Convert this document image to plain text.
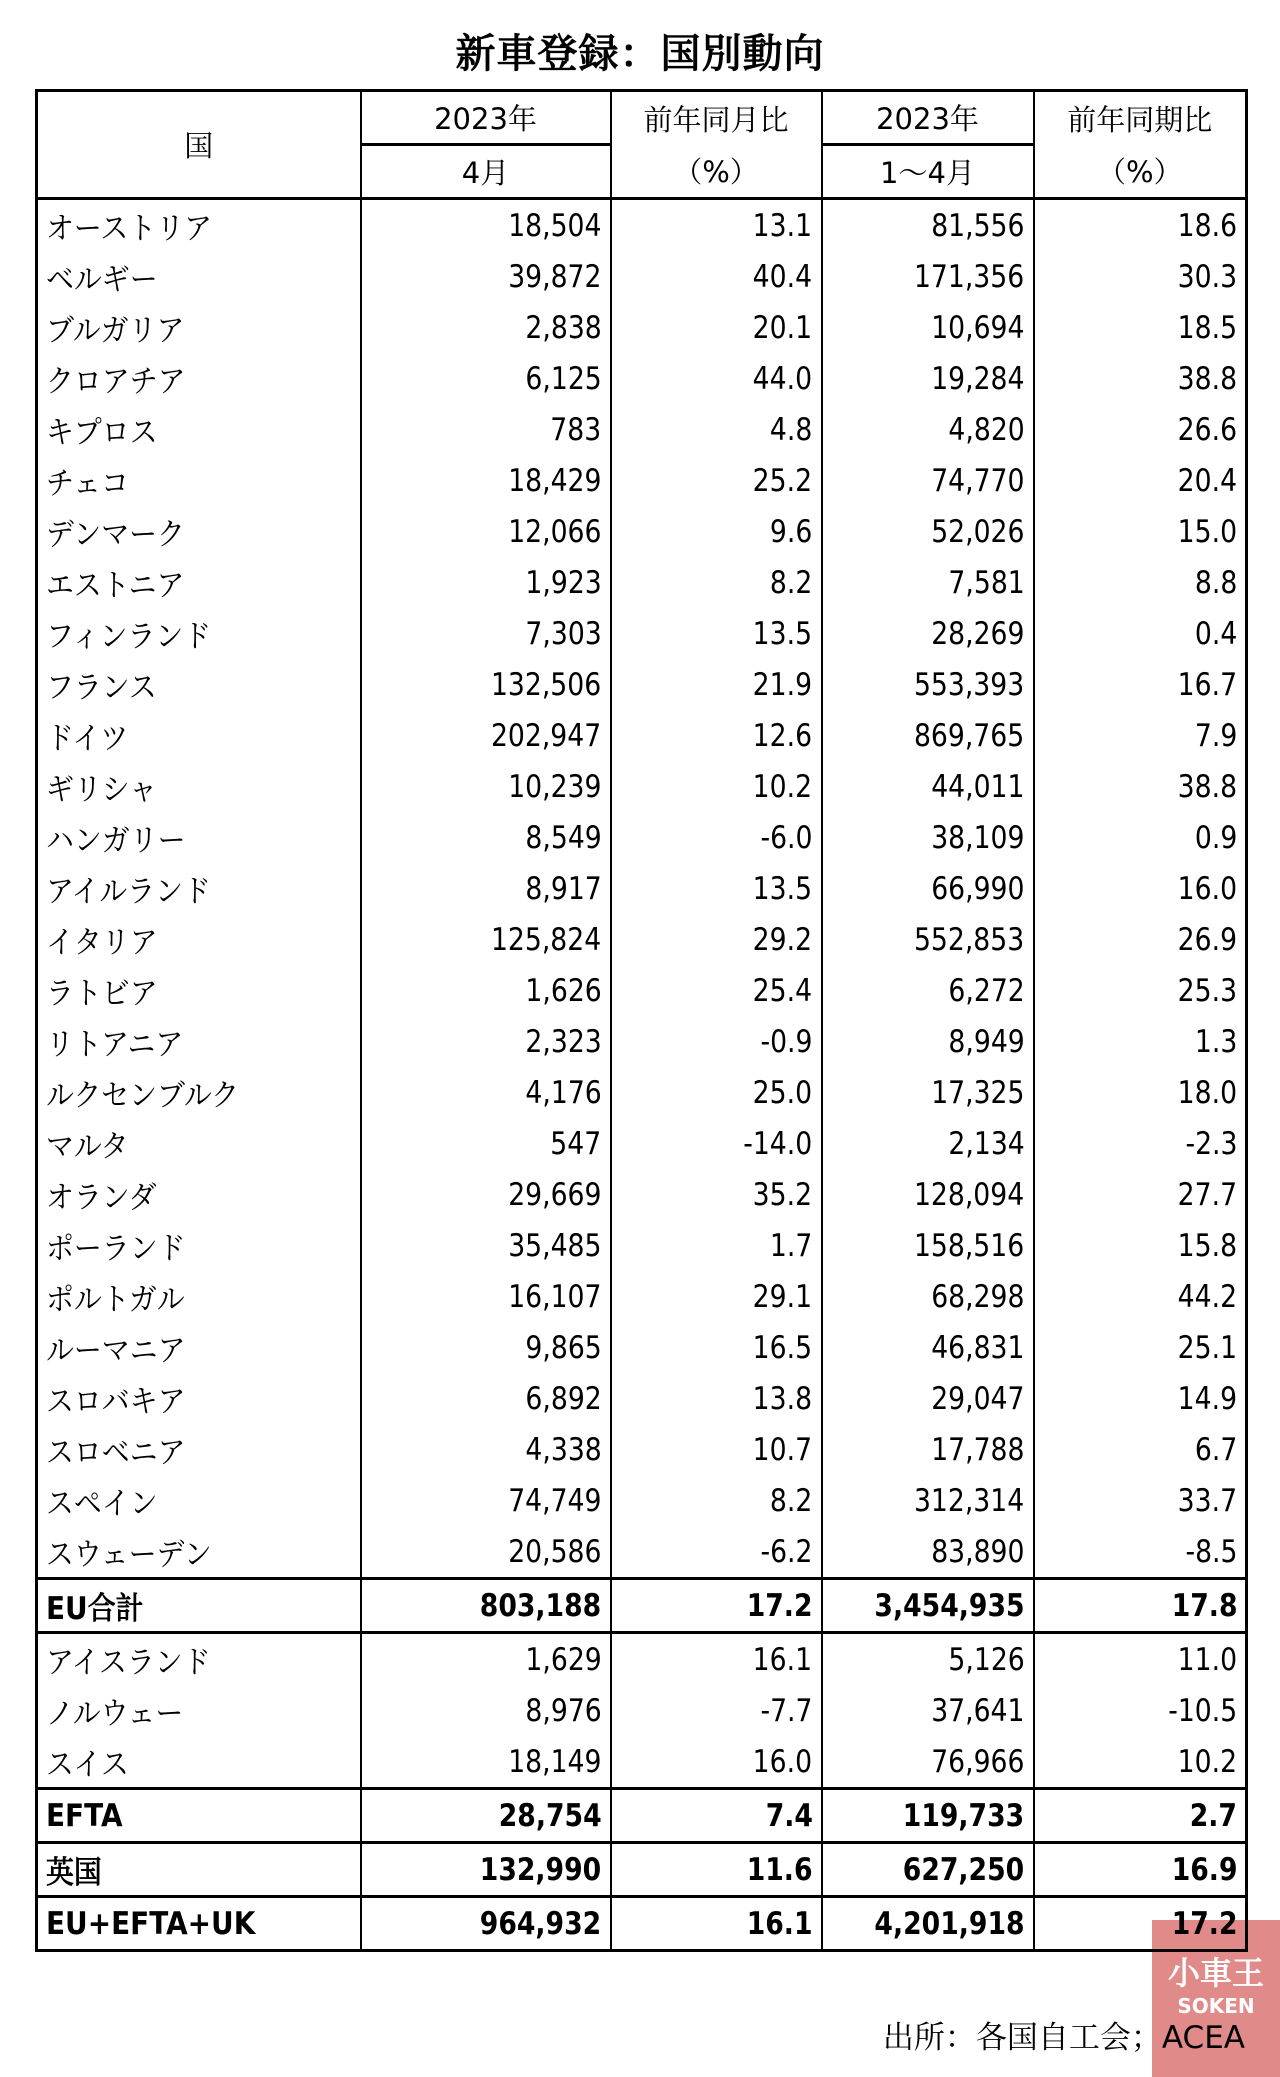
小車王
SOKEN
新車登録：国別動向
国	2023年	前年同月比	2023年	前年同期比
	4月	（%）	1～4月	（%）
オーストリア	18,504	13.1	81,556	18.6
ベルギー	39,872	40.4	171,356	30.3
ブルガリア	2,838	20.1	10,694	18.5
クロアチア	6,125	44.0	19,284	38.8
キプロス	783	4.8	4,820	26.6
チェコ	18,429	25.2	74,770	20.4
デンマーク	12,066	9.6	52,026	15.0
エストニア	1,923	8.2	7,581	8.8
フィンランド	7,303	13.5	28,269	0.4
フランス	132,506	21.9	553,393	16.7
ドイツ	202,947	12.6	869,765	7.9
ギリシャ	10,239	10.2	44,011	38.8
ハンガリー	8,549	-6.0	38,109	0.9
アイルランド	8,917	13.5	66,990	16.0
イタリア	125,824	29.2	552,853	26.9
ラトビア	1,626	25.4	6,272	25.3
リトアニア	2,323	-0.9	8,949	1.3
ルクセンブルク	4,176	25.0	17,325	18.0
マルタ	547	-14.0	2,134	-2.3
オランダ	29,669	35.2	128,094	27.7
ポーランド	35,485	1.7	158,516	15.8
ポルトガル	16,107	29.1	68,298	44.2
ルーマニア	9,865	16.5	46,831	25.1
スロバキア	6,892	13.8	29,047	14.9
スロベニア	4,338	10.7	17,788	6.7
スペイン	74,749	8.2	312,314	33.7
スウェーデン	20,586	-6.2	83,890	-8.5
EU合計	803,188	17.2	3,454,935	17.8
アイスランド	1,629	16.1	5,126	11.0
ノルウェー	8,976	-7.7	37,641	-10.5
スイス	18,149	16.0	76,966	10.2
EFTA	28,754	7.4	119,733	2.7
英国	132,990	11.6	627,250	16.9
EU+EFTA+UK	964,932	16.1	4,201,918	17.2
出所：各国自工会；ACEA
